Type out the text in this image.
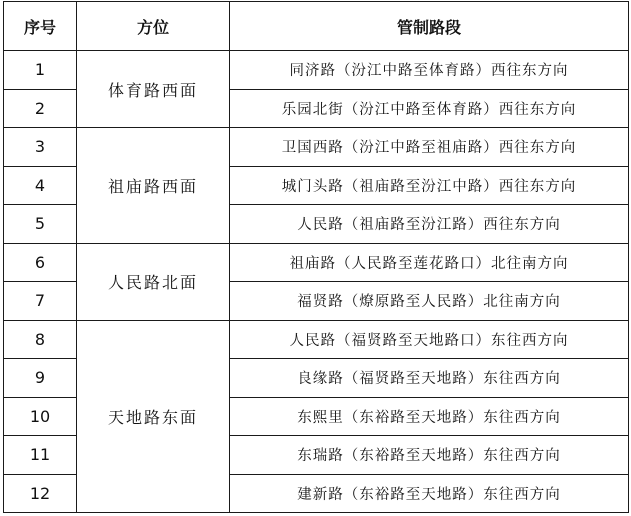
序号	方位	管制路段
1	体育路西面	同济路（汾江中路至体育路）西往东方向
2		乐园北街（汾江中路至体育路）西往东方向
3	祖庙路西面	卫国西路（汾江中路至祖庙路）西往东方向
4		城门头路（祖庙路至汾江中路）西往东方向
5		人民路（祖庙路至汾江路）西往东方向
6	人民路北面	祖庙路（人民路至莲花路口）北往南方向
7		福贤路（燎原路至人民路）北往南方向
8	天地路东面	人民路（福贤路至天地路口）东往西方向
9		良缘路（福贤路至天地路）东往西方向
10		东熙里（东裕路至天地路）东往西方向
11		东瑞路（东裕路至天地路）东往西方向
12		建新路（东裕路至天地路）东往西方向
